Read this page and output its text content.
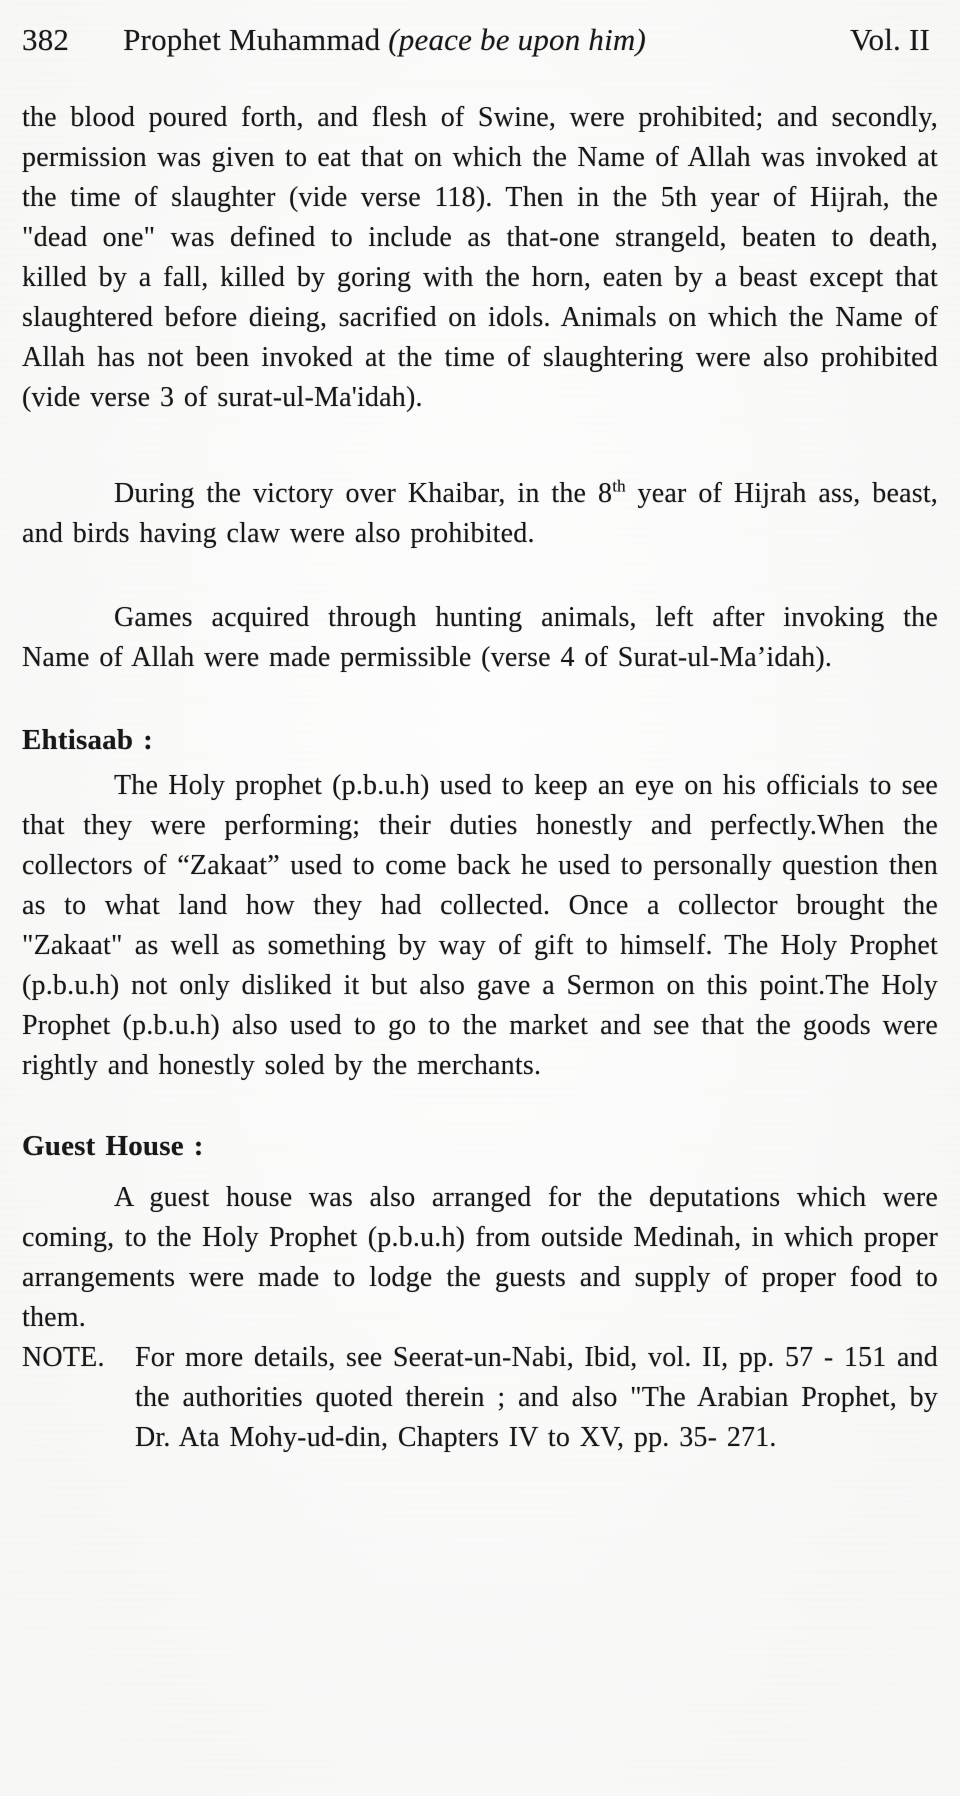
382 Prophet Muhammad (peace be upon him)	Vol. II

the blood poured forth, and flesh of Swine, were prohibited; and secondly, permission was given to eat that on which the Name of Allah was invoked at the time of slaughter (vide verse 118). Then in the 5th year of Hijrah, the "dead one" was defined to include as that-one strangeld, beaten to death, killed by a fall, killed by goring with the horn, eaten by a beast except that slaughtered before dieing, sacrified on idols. Animals on which the Name of Allah has not been invoked at the time of slaughtering were also prohibited (vide verse 3 of surat-ul-Ma'idah).

During the victory over Khaibar, in the 8th year of Hijrah ass, beast, and birds having claw were also prohibited.

Games acquired through hunting animals, left after invoking the Name of Allah were made permissible (verse 4 of Surat-ul-Ma’idah).

Ehtisaab :

The Holy prophet (p.b.u.h) used to keep an eye on his officials to see that they were performing; their duties honestly and perfectly.When the collectors of “Zakaat” used to come back he used to personally question then as to what land how they had collected. Once a collector brought the "Zakaat" as well as something by way of gift to himself. The Holy Prophet (p.b.u.h) not only disliked it but also gave a Sermon on this point.The Holy Prophet (p.b.u.h) also used to go to the market and see that the goods were rightly and honestly soled by the merchants.

Guest House :

A guest house was also arranged for the deputations which were coming, to the Holy Prophet (p.b.u.h) from outside Medinah, in which proper arrangements were made to lodge the guests and supply of proper food to them.

NOTE. For more details, see Seerat-un-Nabi, Ibid, vol. II, pp. 57 - 151 and the authorities quoted therein ; and also "The Arabian Prophet, by Dr. Ata Mohy-ud-din, Chapters IV to XV, pp. 35- 271.
